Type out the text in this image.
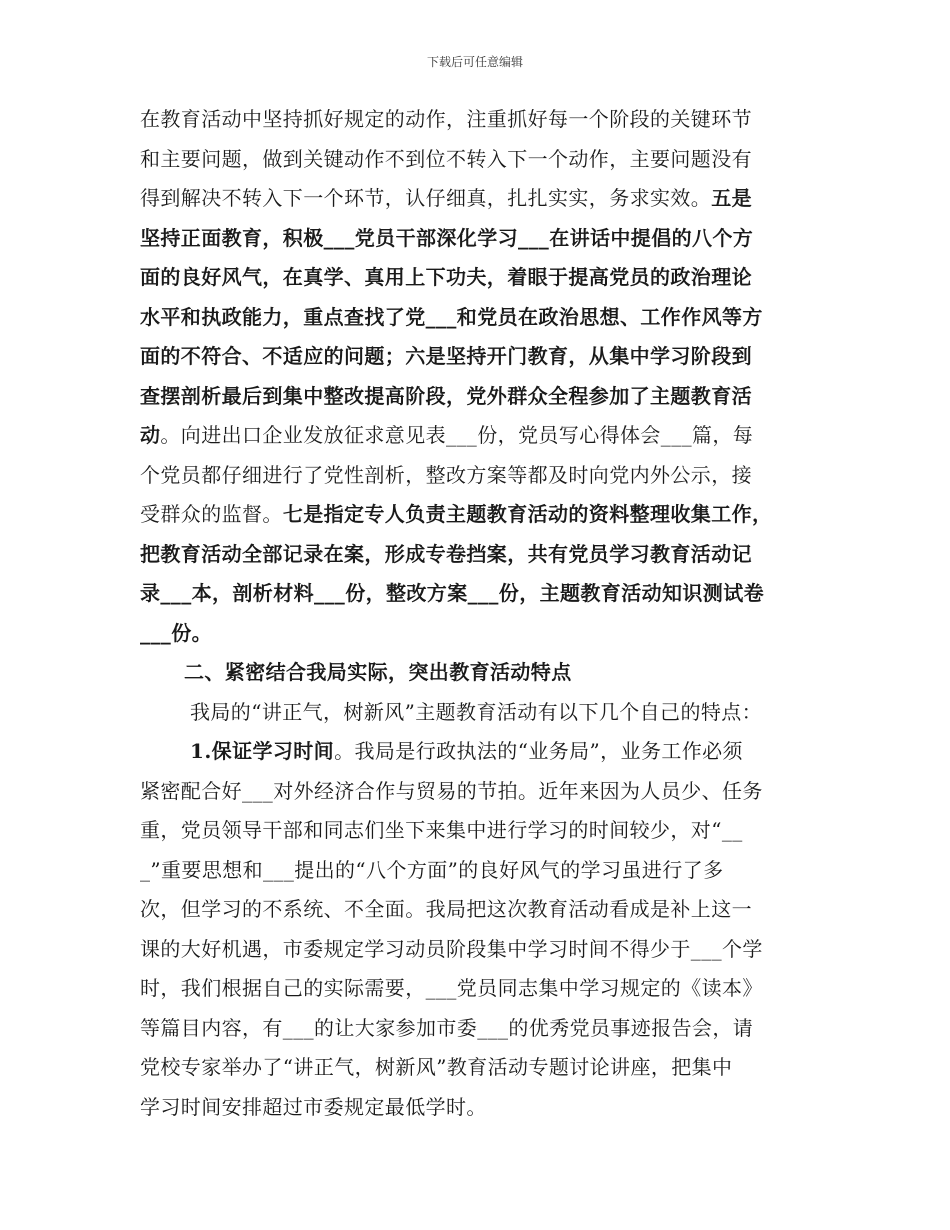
下载后可任意编辑
在教育活动中坚持抓好规定的动作，注重抓好每一个阶段的关键环节
和主要问题，做到关键动作不到位不转入下一个动作，主要问题没有
得到解决不转入下一个环节，认仔细真，扎扎实实，务求实效。五是
坚持正面教育，积极___党员干部深化学习___在讲话中提倡的八个方
面的良好风气，在真学、真用上下功夫，着眼于提高党员的政治理论
水平和执政能力，重点查找了党___和党员在政治思想、工作作风等方
面的不符合、不适应的问题；六是坚持开门教育，从集中学习阶段到
查摆剖析最后到集中整改提高阶段，党外群众全程参加了主题教育活
动。向进出口企业发放征求意见表___份，党员写心得体会___篇，每
个党员都仔细进行了党性剖析，整改方案等都及时向党内外公示，接
受群众的监督。七是指定专人负责主题教育活动的资料整理收集工作，
把教育活动全部记录在案，形成专卷挡案，共有党员学习教育活动记
录___本，剖析材料___份，整改方案___份，主题教育活动知识测试卷
___份。
二、紧密结合我局实际，突出教育活动特点
我局的“讲正气，树新风”主题教育活动有以下几个自己的特点：
1.保证学习时间。我局是行政执法的“业务局”，业务工作必须
紧密配合好___对外经济合作与贸易的节拍。近年来因为人员少、任务
重，党员领导干部和同志们坐下来集中进行学习的时间较少，对“__
_”重要思想和___提出的“八个方面”的良好风气的学习虽进行了多
次，但学习的不系统、不全面。我局把这次教育活动看成是补上这一
课的大好机遇，市委规定学习动员阶段集中学习时间不得少于___个学
时，我们根据自己的实际需要，___党员同志集中学习规定的《读本》
等篇目内容，有___的让大家参加市委___的优秀党员事迹报告会，请
党校专家举办了“讲正气，树新风”教育活动专题讨论讲座，把集中
学习时间安排超过市委规定最低学时。
